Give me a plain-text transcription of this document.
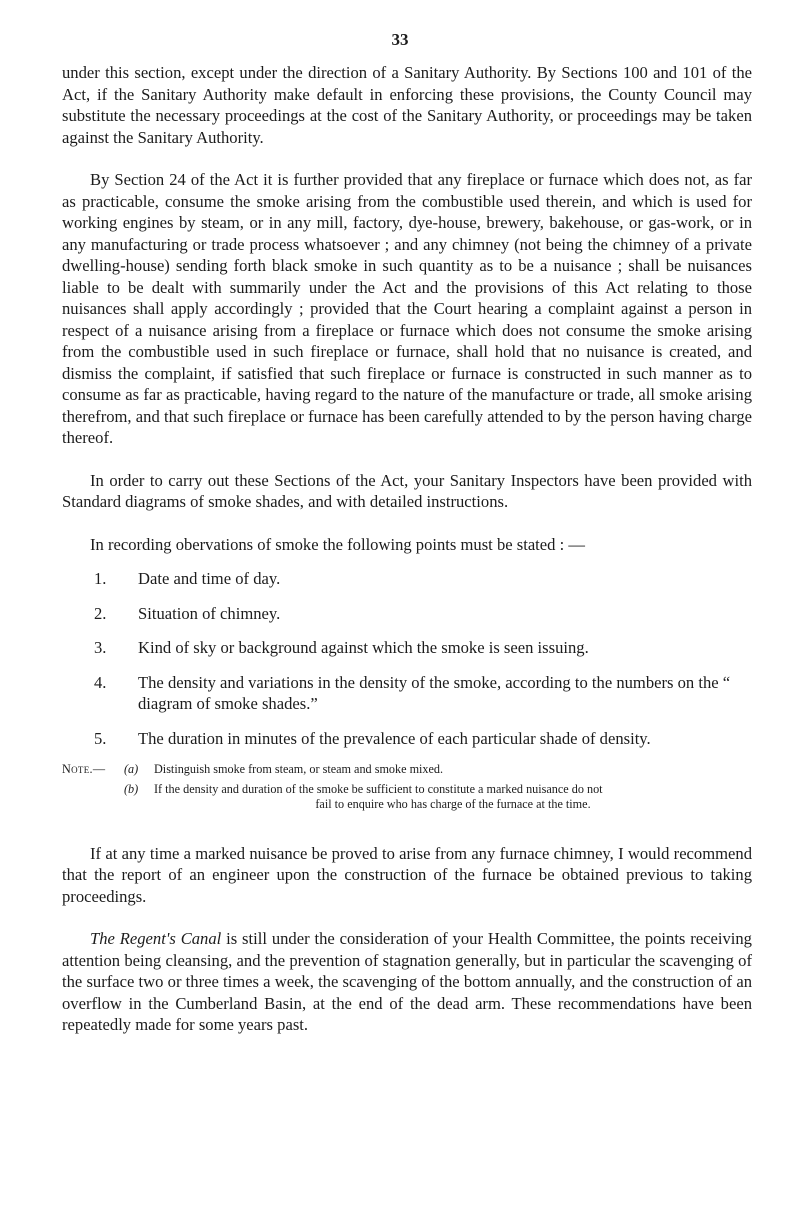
33

under this section, except under the direction of a Sanitary Authority. By Sections 100 and 101 of the Act, if the Sanitary Authority make default in enforcing these provisions, the County Council may substitute the necessary proceedings at the cost of the Sanitary Authority, or proceedings may be taken against the Sanitary Authority.

By Section 24 of the Act it is further provided that any fireplace or furnace which does not, as far as practicable, consume the smoke arising from the combustible used therein, and which is used for working engines by steam, or in any mill, factory, dye-house, brewery, bakehouse, or gas-work, or in any manufacturing or trade process whatsoever ; and any chimney (not being the chimney of a private dwelling-house) sending forth black smoke in such quantity as to be a nuisance ; shall be nuisances liable to be dealt with summarily under the Act and the provisions of this Act relating to those nuisances shall apply accordingly ; provided that the Court hearing a complaint against a person in respect of a nuisance arising from a fireplace or furnace which does not consume the smoke arising from the combustible used in such fireplace or furnace, shall hold that no nuisance is created, and dismiss the complaint, if satisfied that such fireplace or furnace is constructed in such manner as to consume as far as practicable, having regard to the nature of the manufacture or trade, all smoke arising therefrom, and that such fireplace or furnace has been carefully attended to by the person having charge thereof.

In order to carry out these Sections of the Act, your Sanitary Inspectors have been provided with Standard diagrams of smoke shades, and with detailed instructions.

In recording obervations of smoke the following points must be stated : —

1.	Date and time of day.
2.	Situation of chimney.
3.	Kind of sky or background against which the smoke is seen issuing.
4.	The density and variations in the density of the smoke, according to the numbers on the “ diagram of smoke shades.”
5.	The duration in minutes of the prevalence of each particular shade of density.
Note.—	(a)	Distinguish smoke from steam, or steam and smoke mixed.
(b)	If the density and duration of the smoke be sufficient to constitute a marked nuisance do not
fail to enquire who has charge of the furnace at the time.

If at any time a marked nuisance be proved to arise from any furnace chimney, I would recommend that the report of an engineer upon the construction of the furnace be obtained previous to taking proceedings.

The Regent's Canal is still under the consideration of your Health Committee, the points receiving attention being cleansing, and the prevention of stagnation generally, but in particular the scavenging of the surface two or three times a week, the scavenging of the bottom annually, and the construction of an overflow in the Cumberland Basin, at the end of the dead arm. These recommendations have been repeatedly made for some years past.
